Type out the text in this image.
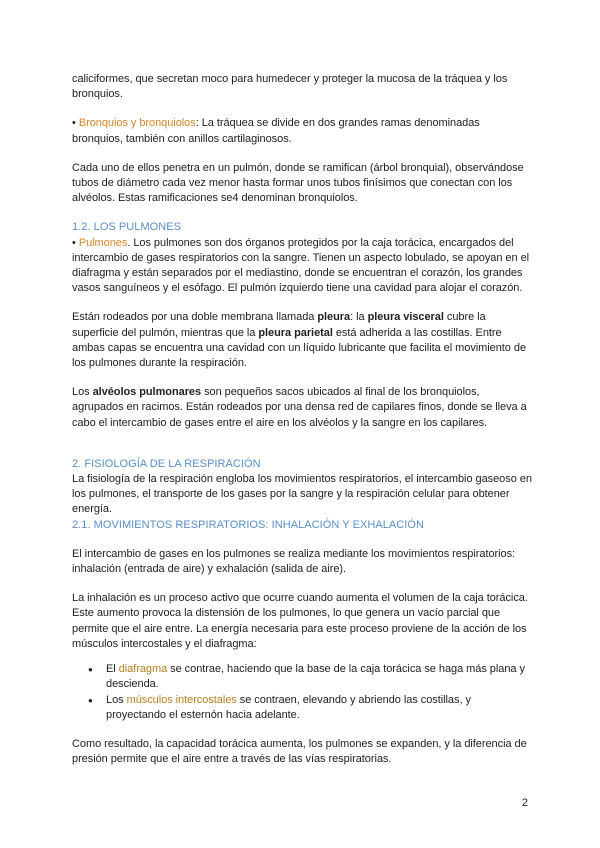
caliciformes, que secretan moco para humedecer y proteger la mucosa de la tráquea y los bronquios.

• Bronquios y bronquiolos: La tráquea se divide en dos grandes ramas denominadas bronquios, también con anillos cartilaginosos.

Cada uno de ellos penetra en un pulmón, donde se ramifican (árbol bronquial), observándose tubos de diámetro cada vez menor hasta formar unos tubos finísimos que conectan con los alvéolos. Estas ramificaciones se4 denominan bronquiolos.

1.2. LOS PULMONES

• Pulmones. Los pulmones son dos órganos protegidos por la caja torácica, encargados del intercambio de gases respiratorios con la sangre. Tienen un aspecto lobulado, se apoyan en el diafragma y están separados por el mediastino, donde se encuentran el corazón, los grandes vasos sanguíneos y el esófago. El pulmón izquierdo tiene una cavidad para alojar el corazón.

Están rodeados por una doble membrana llamada pleura: la pleura visceral cubre la superficie del pulmón, mientras que la pleura parietal está adherida a las costillas. Entre ambas capas se encuentra una cavidad con un líquido lubricante que facilita el movimiento de los pulmones durante la respiración.

Los alvéolos pulmonares son pequeños sacos ubicados al final de los bronquiolos, agrupados en racimos. Están rodeados por una densa red de capilares finos, donde se lleva a cabo el intercambio de gases entre el aire en los alvéolos y la sangre en los capilares.

2. FISIOLOGÍA DE LA RESPIRACIÓN

La fisiología de la respiración engloba los movimientos respiratorios, el intercambio gaseoso en los pulmones, el transporte de los gases por la sangre y la respiración celular para obtener energía.

2.1. MOVIMIENTOS RESPIRATORIOS: INHALACIÓN Y EXHALACIÓN

El intercambio de gases en los pulmones se realiza mediante los movimientos respiratorios: inhalación (entrada de aire) y exhalación (salida de aire).

La inhalación es un proceso activo que ocurre cuando aumenta el volumen de la caja torácica. Este aumento provoca la distensión de los pulmones, lo que genera un vacío parcial que permite que el aire entre. La energía necesaria para este proceso proviene de la acción de los músculos intercostales y el diafragma:

● El diafragma se contrae, haciendo que la base de la caja torácica se haga más plana y descienda.
● Los músculos intercostales se contraen, elevando y abriendo las costillas, y proyectando el esternón hacia adelante.

Como resultado, la capacidad torácica aumenta, los pulmones se expanden, y la diferencia de presión permite que el aire entre a través de las vías respiratorias.

2
